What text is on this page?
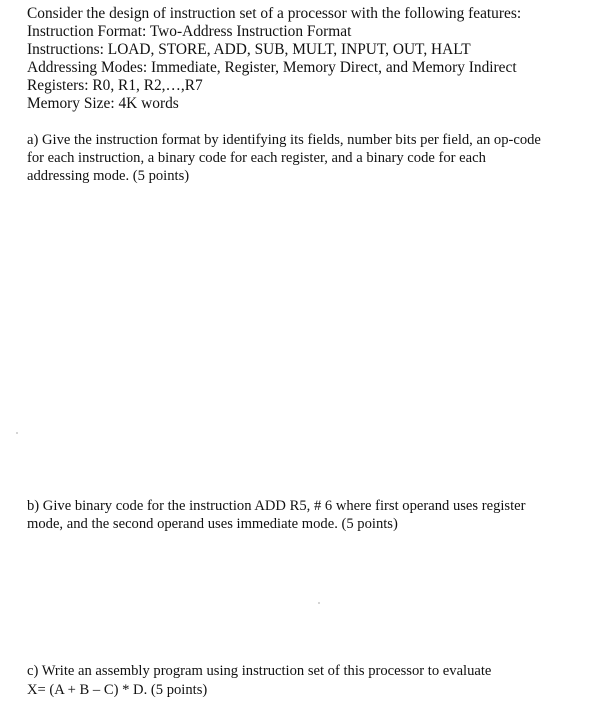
Consider the design of instruction set of a processor with the following features:
Instruction Format: Two-Address Instruction Format
Instructions: LOAD, STORE, ADD, SUB, MULT, INPUT, OUT, HALT
Addressing Modes: Immediate, Register, Memory Direct, and Memory Indirect
Registers: R0, R1, R2,…,R7
Memory Size: 4K words
a) Give the instruction format by identifying its fields, number bits per field, an op-code
for each instruction, a binary code for each register, and a binary code for each
addressing mode. (5 points)
b) Give binary code for the instruction ADD R5, # 6 where first operand uses register
mode, and the second operand uses immediate mode. (5 points)
c) Write an assembly program using instruction set of this processor to evaluate
X= (A + B – C) * D. (5 points)
